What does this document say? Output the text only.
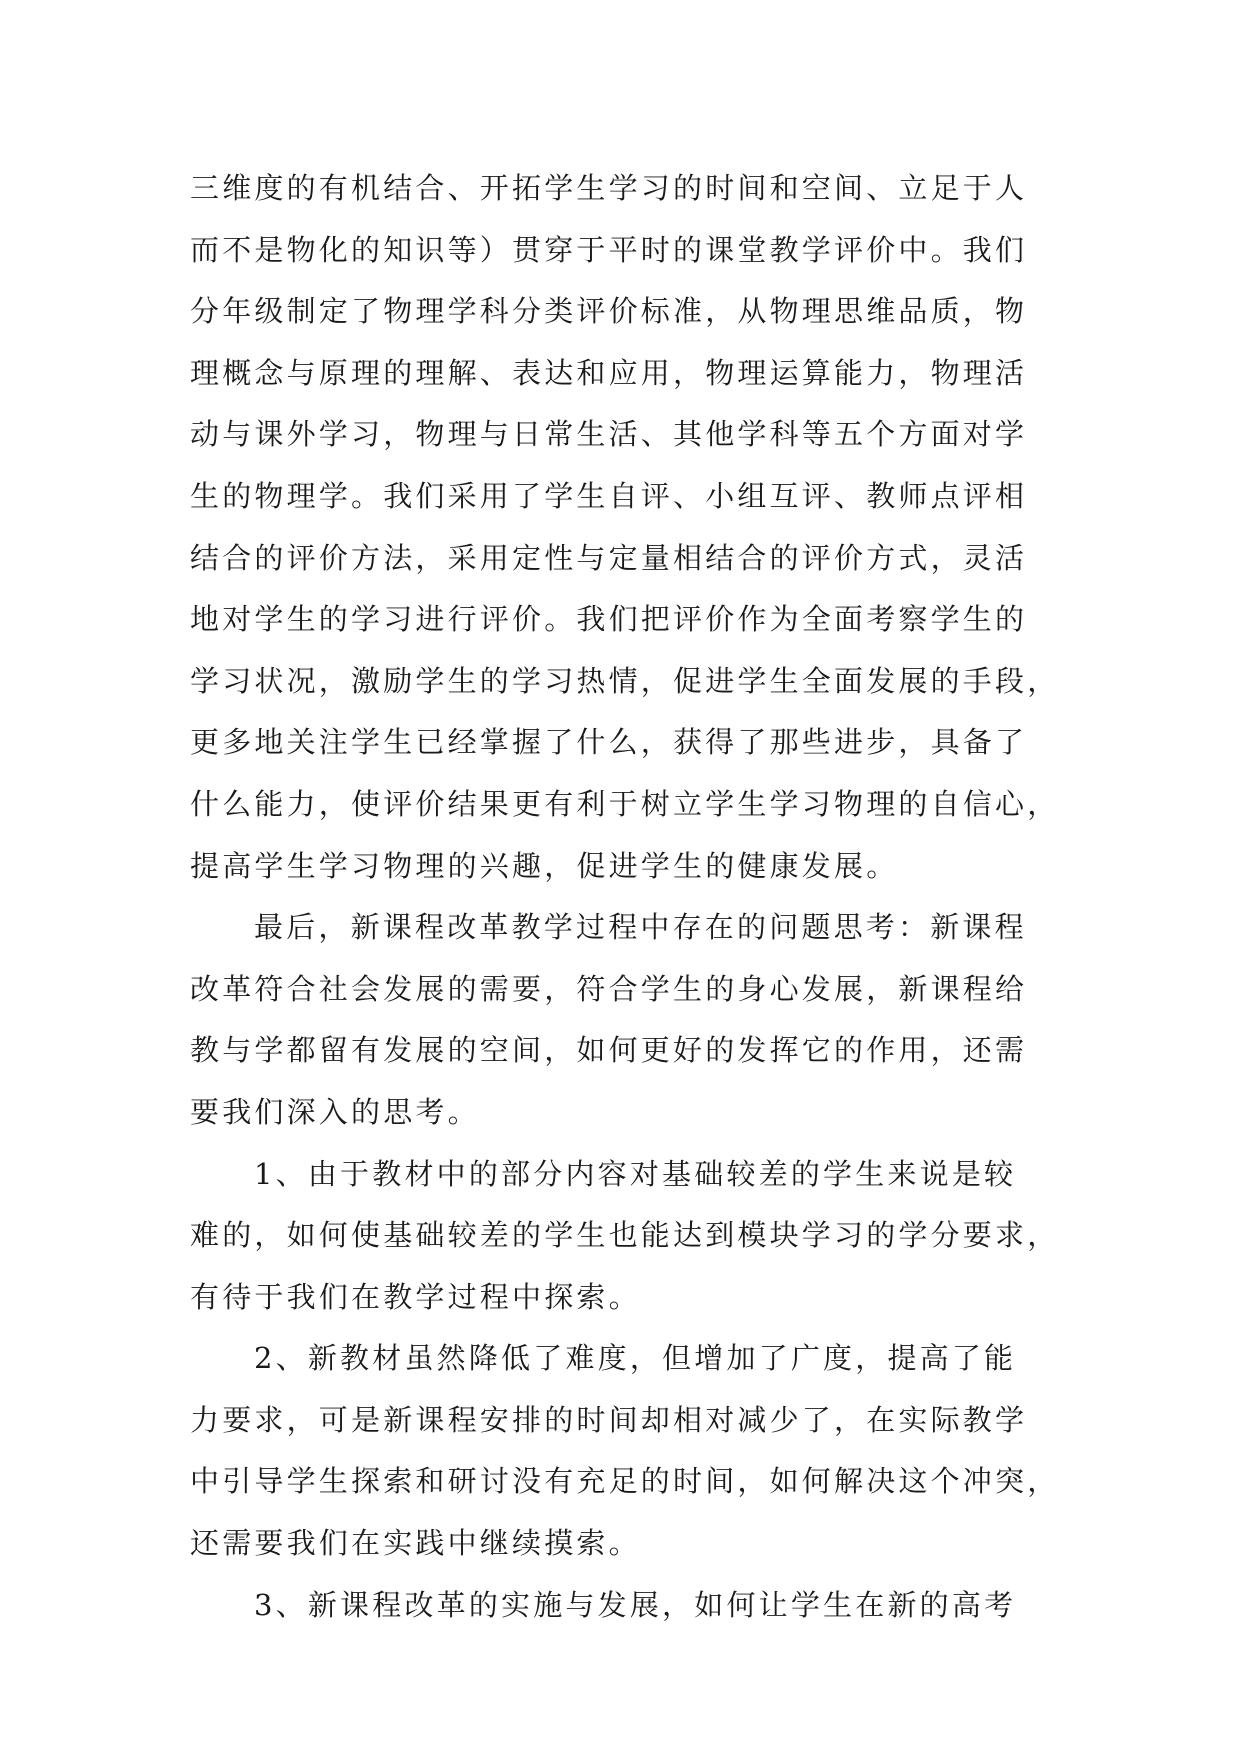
三维度的有机结合、开拓学生学习的时间和空间、立足于人
而不是物化的知识等）贯穿于平时的课堂教学评价中。我们
分年级制定了物理学科分类评价标准，从物理思维品质，物
理概念与原理的理解、表达和应用，物理运算能力，物理活
动与课外学习，物理与日常生活、其他学科等五个方面对学
生的物理学。我们采用了学生自评、小组互评、教师点评相
结合的评价方法，采用定性与定量相结合的评价方式，灵活
地对学生的学习进行评价。我们把评价作为全面考察学生的
学习状况，激励学生的学习热情，促进学生全面发展的手段，
更多地关注学生已经掌握了什么，获得了那些进步，具备了
什么能力，使评价结果更有利于树立学生学习物理的自信心，
提高学生学习物理的兴趣，促进学生的健康发展。
最后，新课程改革教学过程中存在的问题思考：新课程
改革符合社会发展的需要，符合学生的身心发展，新课程给
教与学都留有发展的空间，如何更好的发挥它的作用，还需
要我们深入的思考。
1、由于教材中的部分内容对基础较差的学生来说是较
难的，如何使基础较差的学生也能达到模块学习的学分要求，
有待于我们在教学过程中探索。
2、新教材虽然降低了难度，但增加了广度，提高了能
力要求，可是新课程安排的时间却相对减少了，在实际教学
中引导学生探索和研讨没有充足的时间，如何解决这个冲突，
还需要我们在实践中继续摸索。
3、新课程改革的实施与发展，如何让学生在新的高考
